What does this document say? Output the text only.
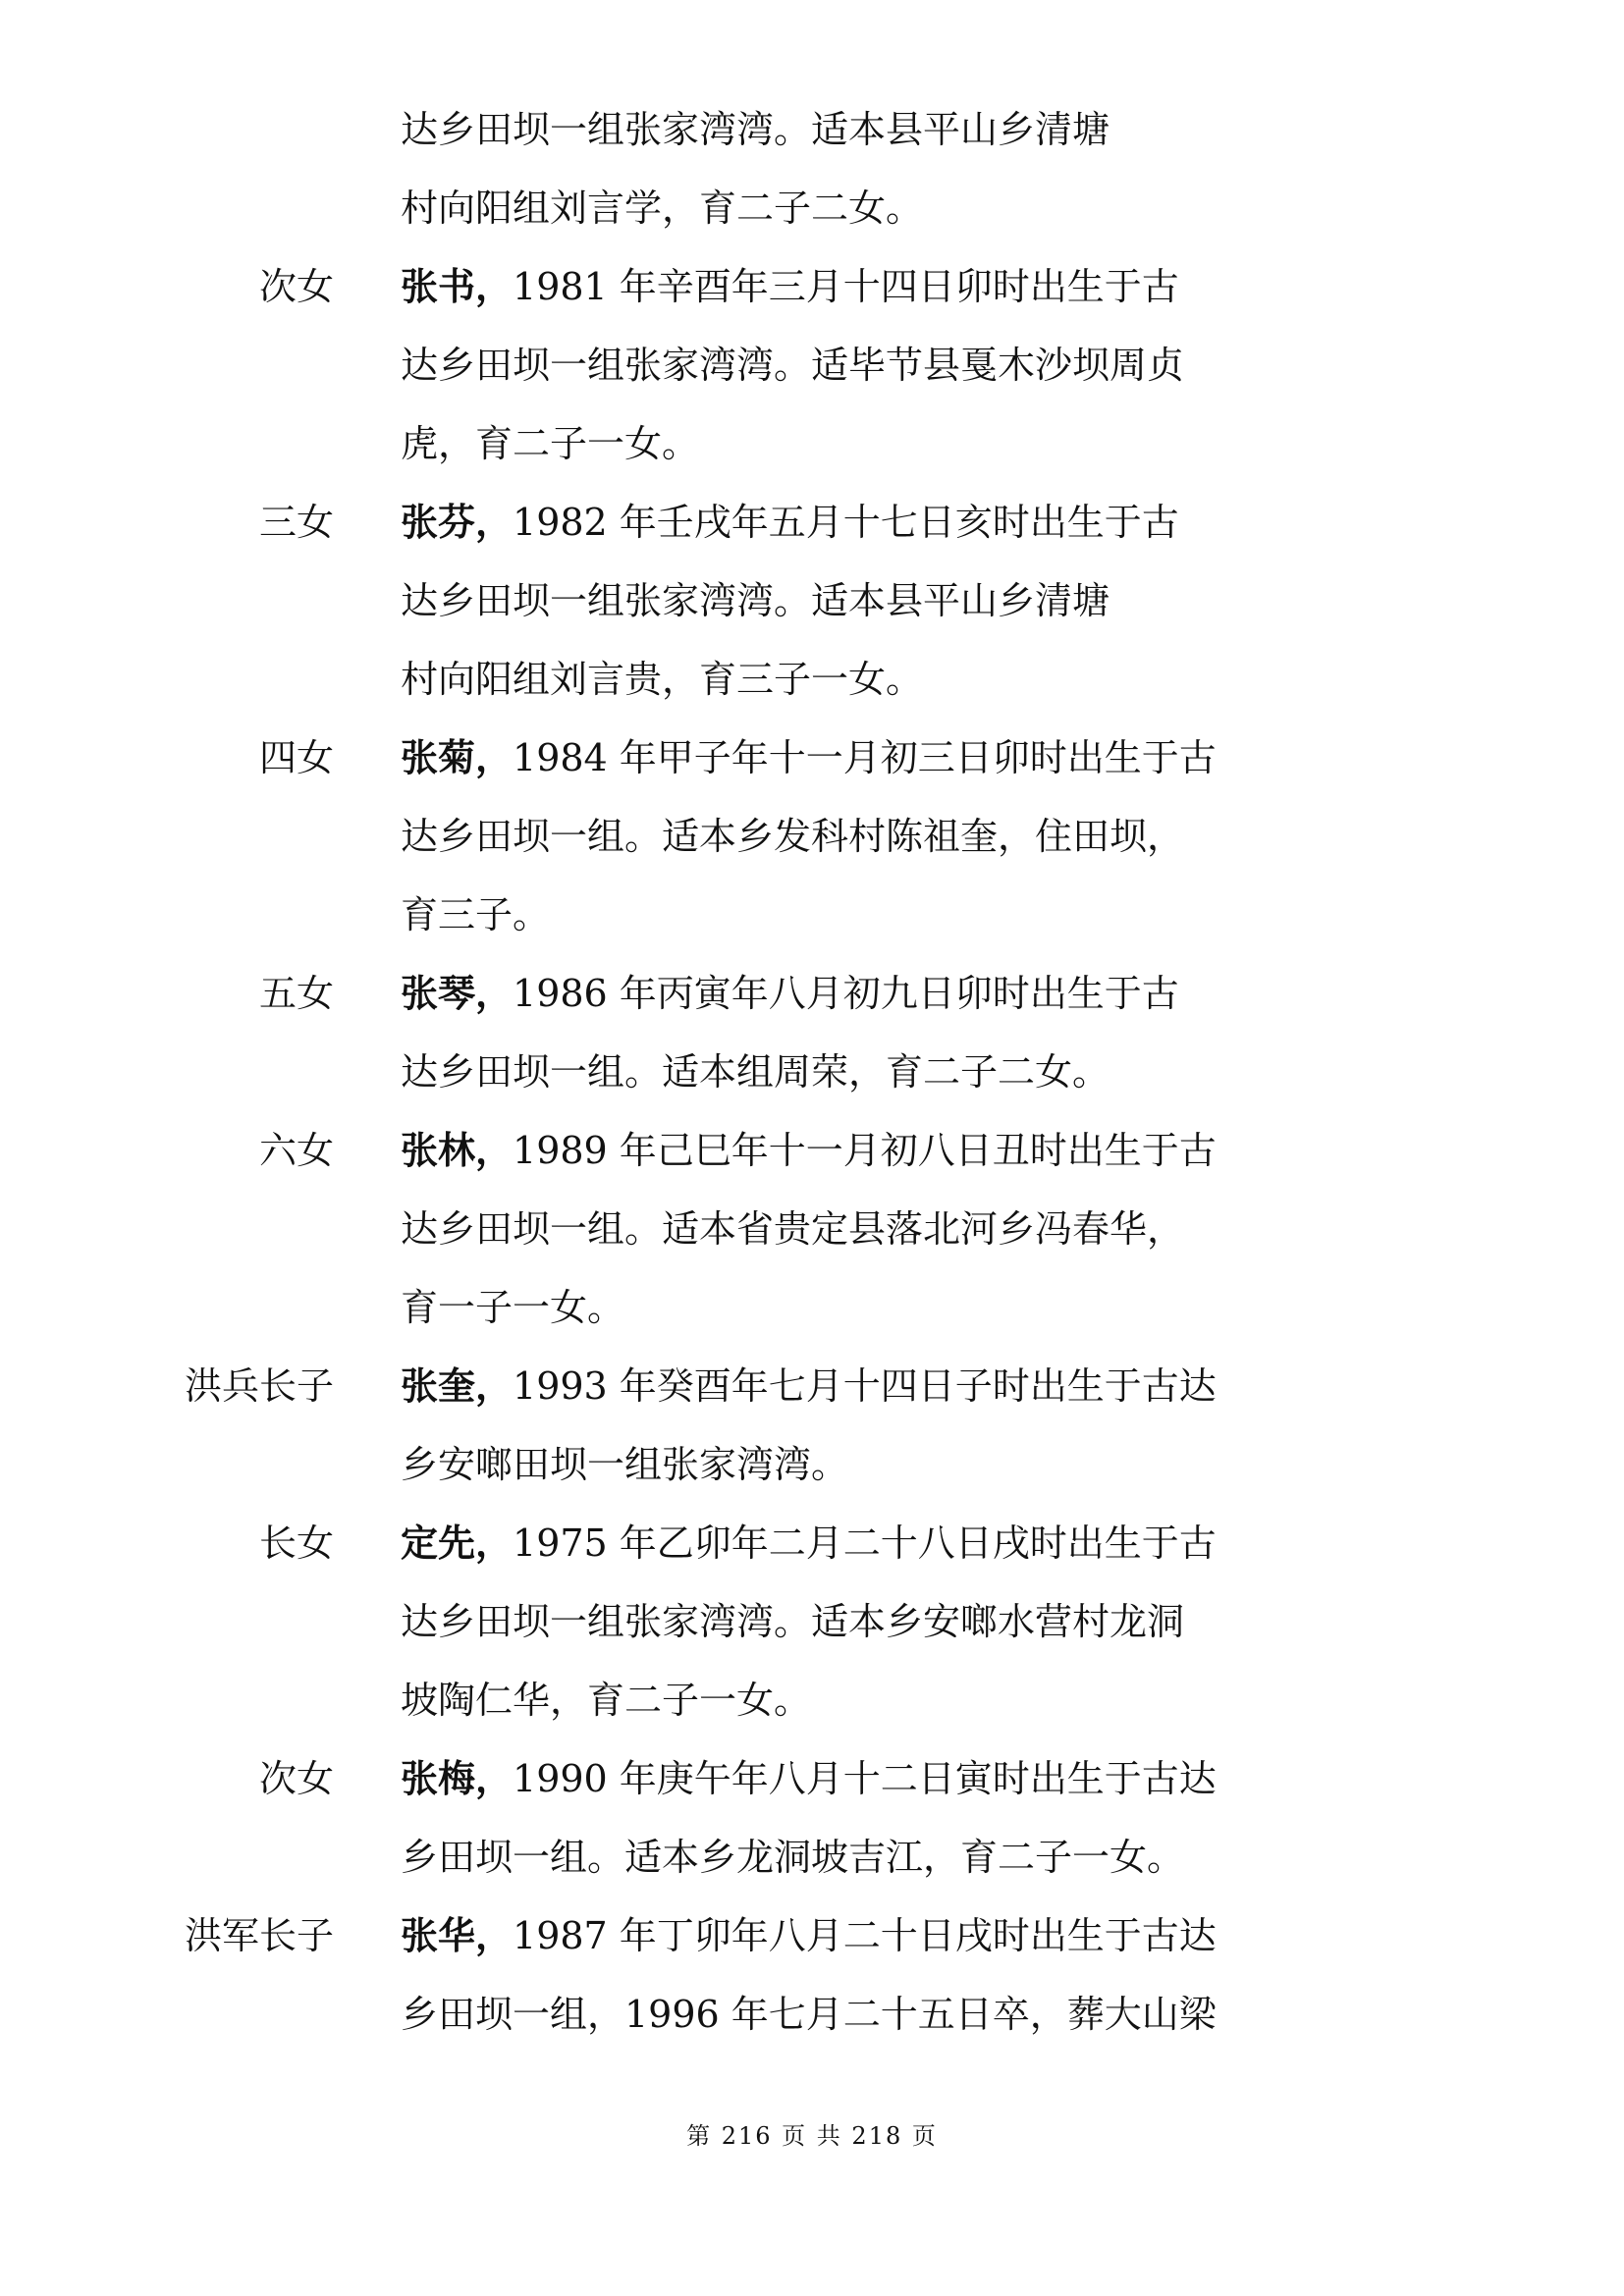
达乡田坝一组张家湾湾。适本县平山乡清塘
村向阳组刘言学，育二子二女。
次女 张书，1981 年辛酉年三月十四日卯时出生于古
达乡田坝一组张家湾湾。适毕节县戛木沙坝周贞
虎，育二子一女。
三女 张芬，1982 年壬戌年五月十七日亥时出生于古
达乡田坝一组张家湾湾。适本县平山乡清塘
村向阳组刘言贵，育三子一女。
四女 张菊，1984 年甲子年十一月初三日卯时出生于古
达乡田坝一组。适本乡发科村陈祖奎，住田坝，
育三子。
五女 张琴，1986 年丙寅年八月初九日卯时出生于古
达乡田坝一组。适本组周荣，育二子二女。
六女 张林，1989 年己巳年十一月初八日丑时出生于古
达乡田坝一组。适本省贵定县落北河乡冯春华，
育一子一女。
洪兵长子 张奎，1993 年癸酉年七月十四日子时出生于古达
乡安啷田坝一组张家湾湾。
长女 定先，1975 年乙卯年二月二十八日戌时出生于古
达乡田坝一组张家湾湾。适本乡安啷水营村龙洞
坡陶仁华，育二子一女。
次女 张梅，1990 年庚午年八月十二日寅时出生于古达
乡田坝一组。适本乡龙洞坡吉江，育二子一女。
洪军长子 张华，1987 年丁卯年八月二十日戌时出生于古达
乡田坝一组，1996 年七月二十五日卒，葬大山梁
第 216 页 共 218 页
